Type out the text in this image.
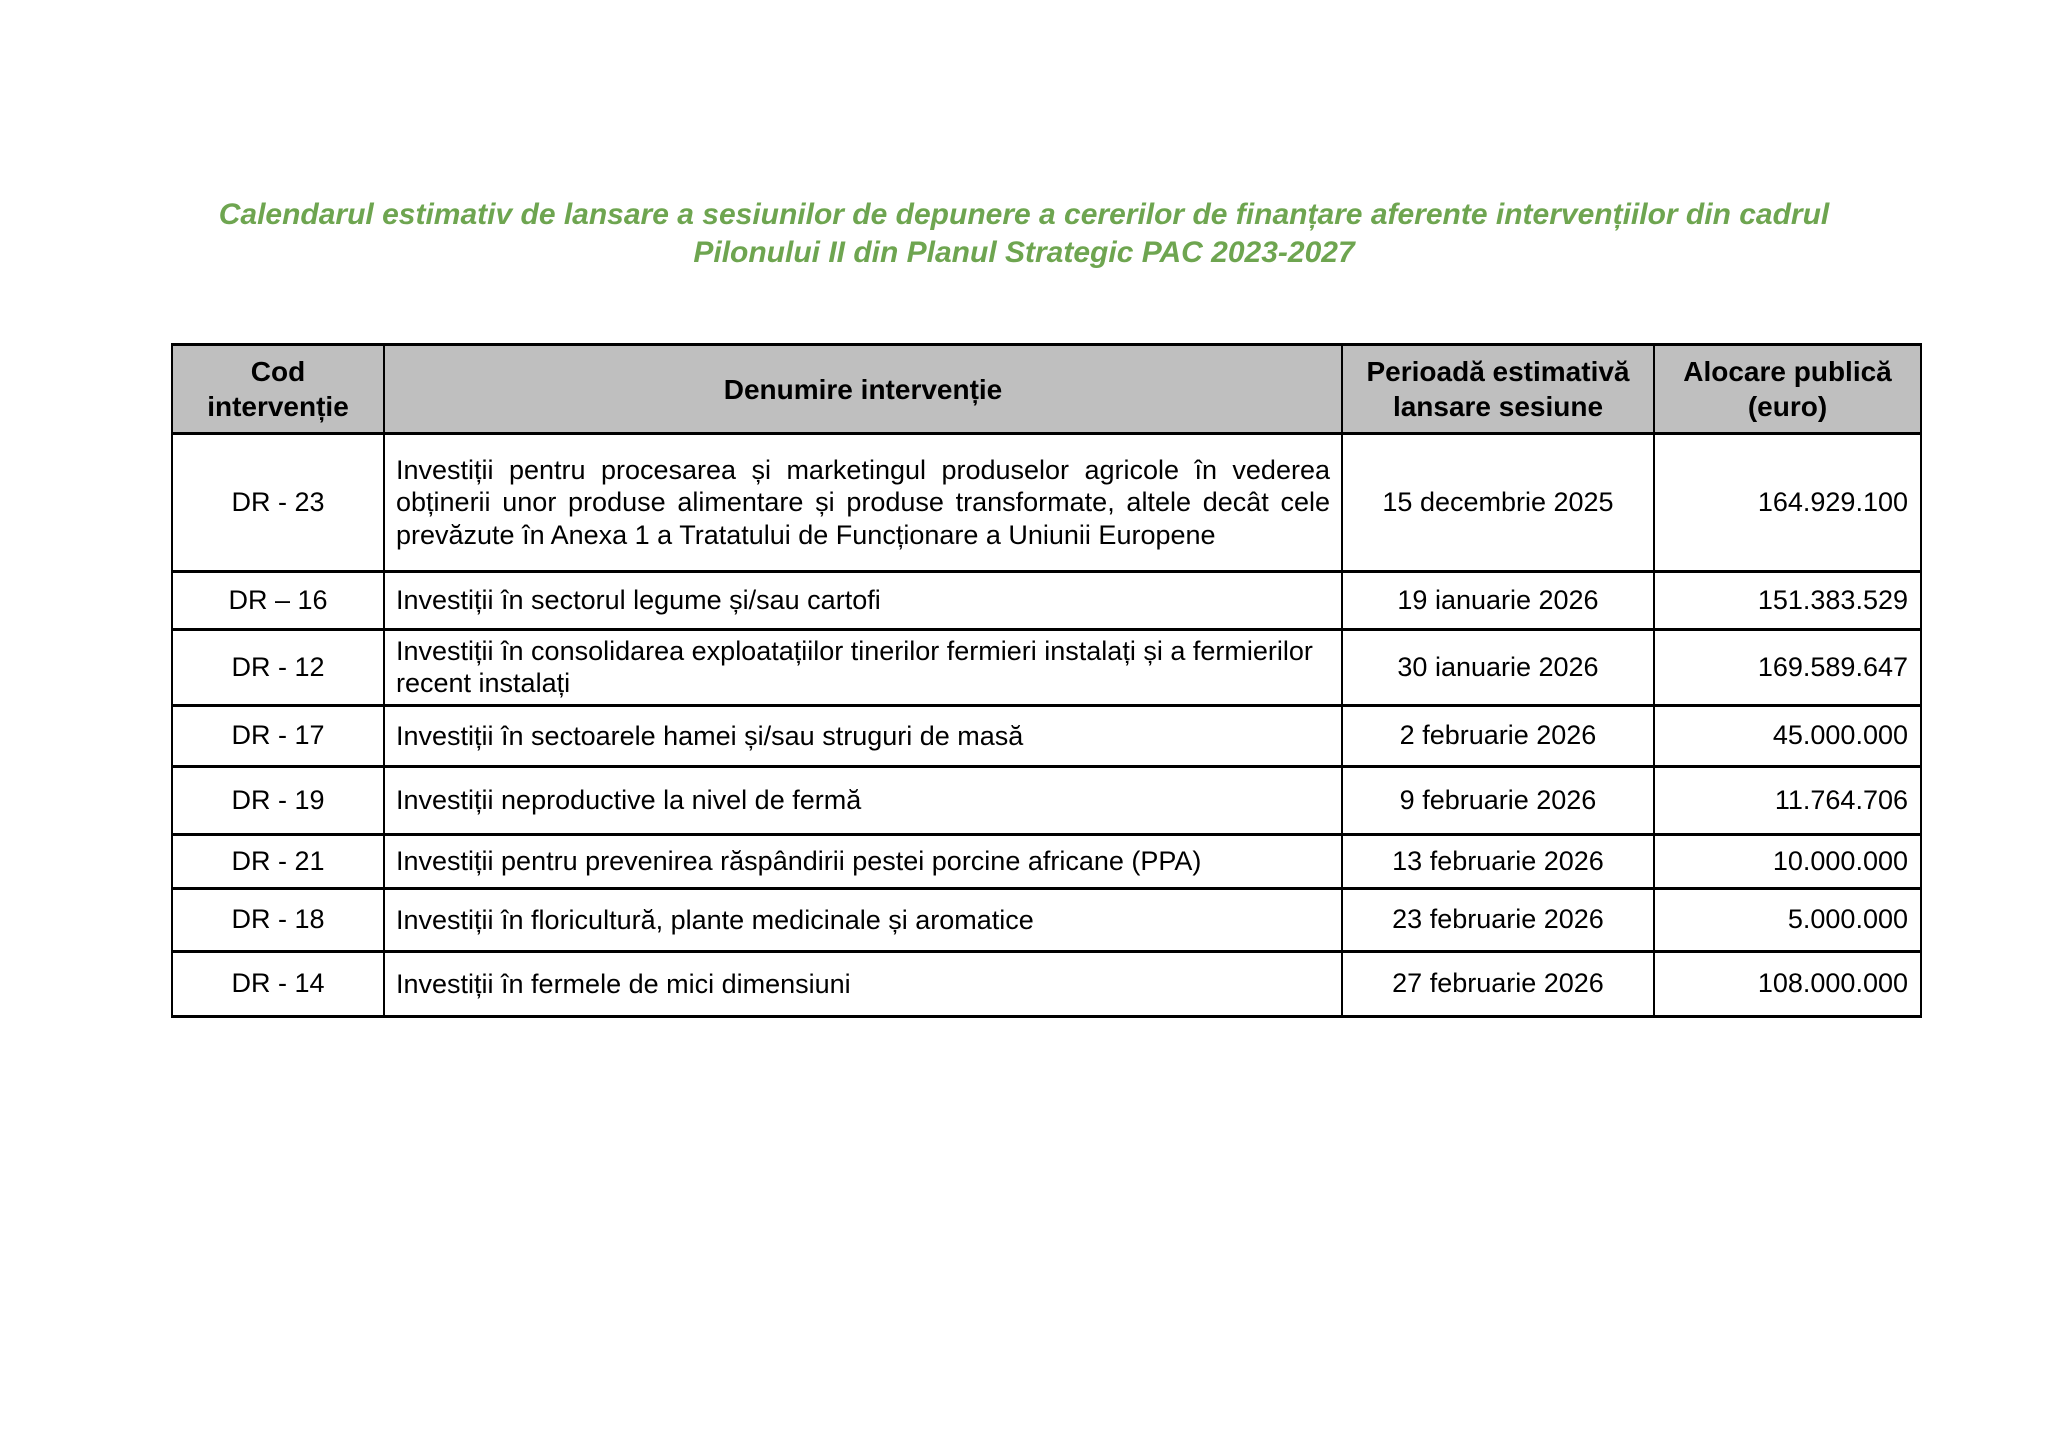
Calendarul estimativ de lansare a sesiunilor de depunere a cererilor de finanțare aferente intervențiilor din cadrul
Pilonului II din Planul Strategic PAC 2023-2027
Cod intervenție	Denumire intervenție	Perioadă estimativă lansare sesiune	Alocare publică (euro)
DR - 23	Investiții pentru procesarea și marketingul produselor agricole în vederea obținerii unor produse alimentare și produse transformate, altele decât cele prevăzute în Anexa 1 a Tratatului de Funcționare a Uniunii Europene	15 decembrie 2025	164.929.100
DR – 16	Investiții în sectorul legume și/sau cartofi	19 ianuarie 2026	151.383.529
DR - 12	Investiții în consolidarea exploatațiilor tinerilor fermieri instalați și a fermierilor recent instalați	30 ianuarie 2026	169.589.647
DR - 17	Investiții în sectoarele hamei și/sau struguri de masă	2 februarie 2026	45.000.000
DR - 19	Investiții neproductive la nivel de fermă	9 februarie 2026	11.764.706
DR - 21	Investiții pentru prevenirea răspândirii pestei porcine africane (PPA)	13 februarie 2026	10.000.000
DR - 18	Investiții în floricultură, plante medicinale și aromatice	23 februarie 2026	5.000.000
DR - 14	Investiții în fermele de mici dimensiuni	27 februarie 2026	108.000.000
